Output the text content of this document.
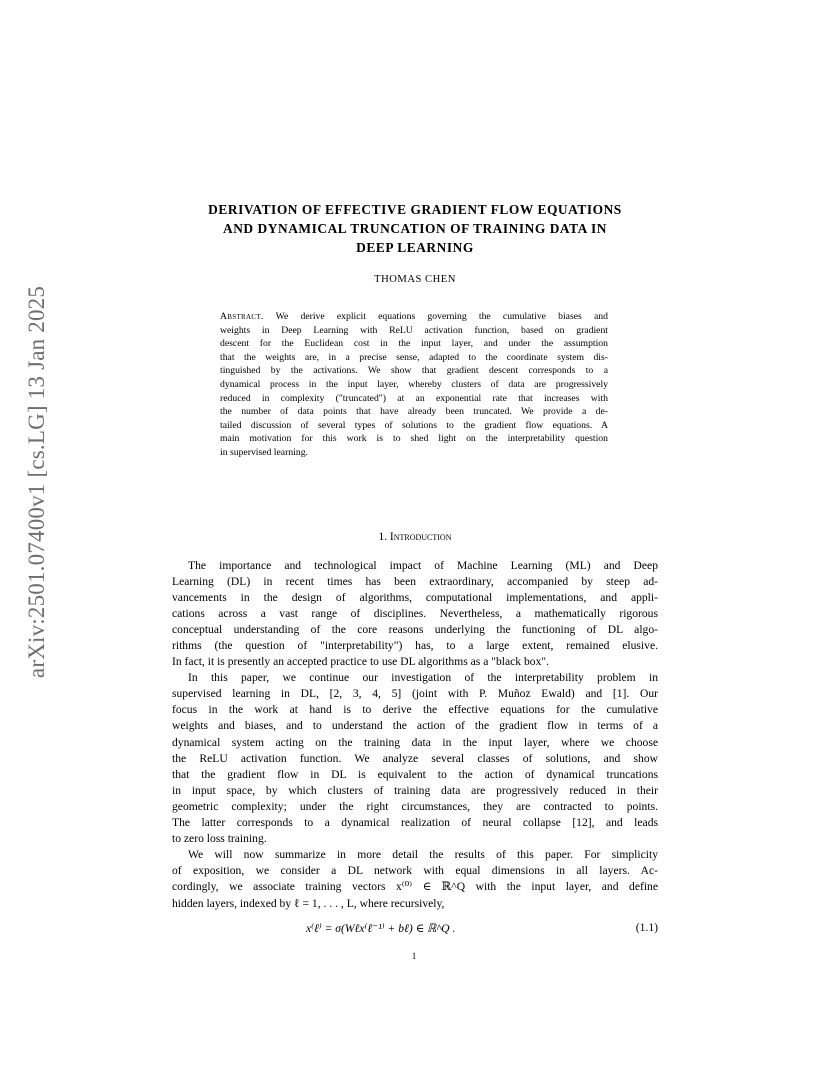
arXiv:2501.07400v1 [cs.LG] 13 Jan 2025
DERIVATION OF EFFECTIVE GRADIENT FLOW EQUATIONS
AND DYNAMICAL TRUNCATION OF TRAINING DATA IN
DEEP LEARNING
THOMAS CHEN
Abstract. We derive explicit equations governing the cumulative biases and
weights in Deep Learning with ReLU activation function, based on gradient
descent for the Euclidean cost in the input layer, and under the assumption
that the weights are, in a precise sense, adapted to the coordinate system dis-
tinguished by the activations. We show that gradient descent corresponds to a
dynamical process in the input layer, whereby clusters of data are progressively
reduced in complexity ("truncated") at an exponential rate that increases with
the number of data points that have already been truncated. We provide a de-
tailed discussion of several types of solutions to the gradient flow equations. A
main motivation for this work is to shed light on the interpretability question
in supervised learning.
1. Introduction
The importance and technological impact of Machine Learning (ML) and Deep
Learning (DL) in recent times has been extraordinary, accompanied by steep ad-
vancements in the design of algorithms, computational implementations, and appli-
cations across a vast range of disciplines. Nevertheless, a mathematically rigorous
conceptual understanding of the core reasons underlying the functioning of DL algo-
rithms (the question of "interpretability") has, to a large extent, remained elusive.
In fact, it is presently an accepted practice to use DL algorithms as a "black box".
In this paper, we continue our investigation of the interpretability problem in
supervised learning in DL, [2, 3, 4, 5] (joint with P. Muñoz Ewald) and [1]. Our
focus in the work at hand is to derive the effective equations for the cumulative
weights and biases, and to understand the action of the gradient flow in terms of a
dynamical system acting on the training data in the input layer, where we choose
the ReLU activation function. We analyze several classes of solutions, and show
that the gradient flow in DL is equivalent to the action of dynamical truncations
in input space, by which clusters of training data are progressively reduced in their
geometric complexity; under the right circumstances, they are contracted to points.
The latter corresponds to a dynamical realization of neural collapse [12], and leads
to zero loss training.
We will now summarize in more detail the results of this paper. For simplicity
of exposition, we consider a DL network with equal dimensions in all layers. Ac-
cordingly, we associate training vectors x⁽⁰⁾ ∈ ℝ^Q with the input layer, and define
hidden layers, indexed by ℓ = 1, . . . , L, where recursively,
x⁽ℓ⁾ = σ(Wℓx⁽ℓ⁻¹⁾ + bℓ) ∈ ℝ^Q .	(1.1)
1
